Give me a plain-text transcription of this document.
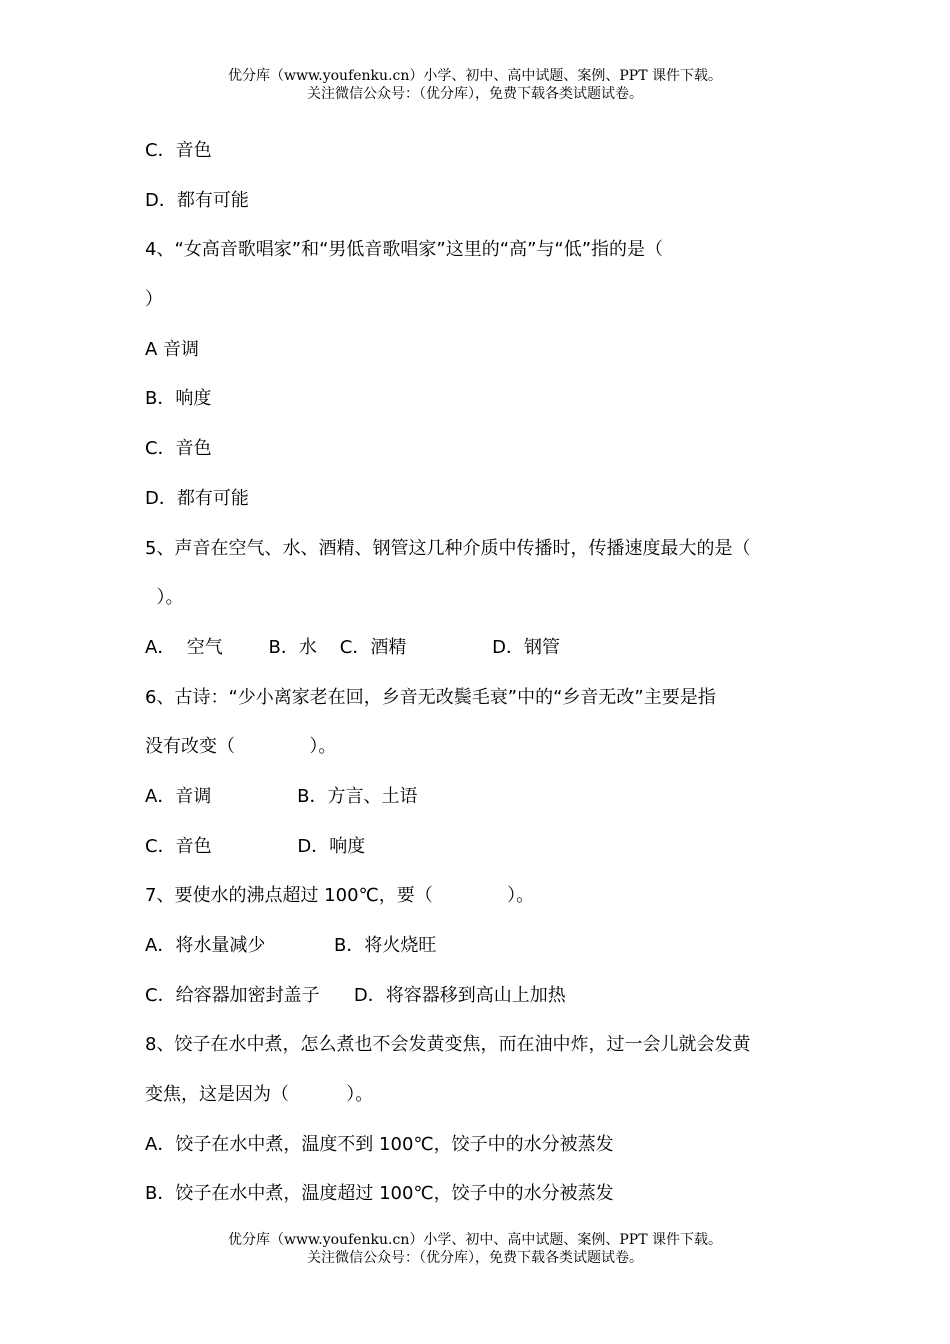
优分库（www.youfenku.cn）小学、初中、高中试题、案例、PPT 课件下载。
关注微信公众号：（优分库），免费下载各类试题试卷。
C．音色
D．都有可能
4、“女高音歌唱家”和“男低音歌唱家”这里的“高”与“低”指的是（
）
A 音调
B．响度
C．音色
D．都有可能
5、声音在空气、水、酒精、钢管这几种介质中传播时，传播速度最大的是（
）。
A．  空气        B．水    C．酒精               D．钢管
6、古诗：“少小离家老在回，乡音无改鬓毛衰”中的“乡音无改”主要是指
没有改变（             ）。
A．音调               B．方言、土语
C．音色               D．响度
7、要使水的沸点超过 100℃，要（             ）。
A．将水量减少            B．将火烧旺
C．给容器加密封盖子      D．将容器移到高山上加热
8、饺子在水中煮，怎么煮也不会发黄变焦，而在油中炸，过一会儿就会发黄
变焦，这是因为（          ）。
A．饺子在水中煮，温度不到 100℃，饺子中的水分被蒸发
B．饺子在水中煮，温度超过 100℃，饺子中的水分被蒸发
优分库（www.youfenku.cn）小学、初中、高中试题、案例、PPT 课件下载。
关注微信公众号：（优分库），免费下载各类试题试卷。
